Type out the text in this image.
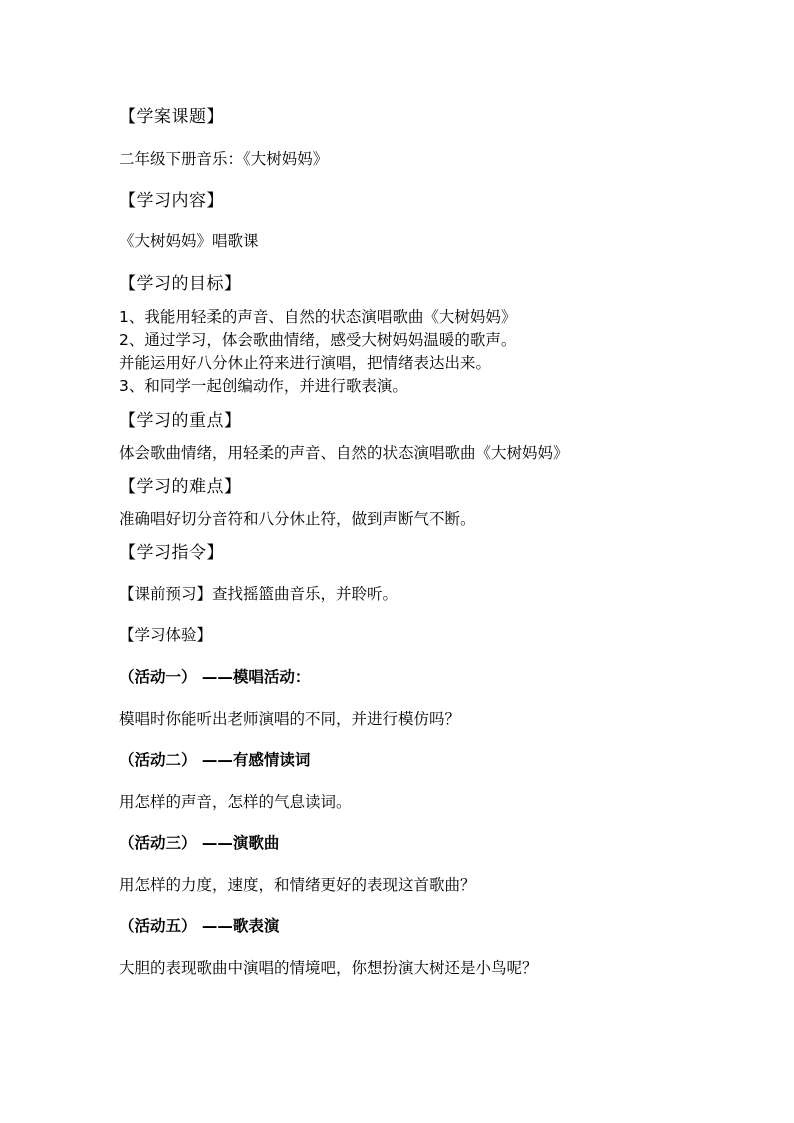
【学案课题】
二年级下册音乐：《大树妈妈》
【学习内容】
《大树妈妈》唱歌课
【学习的目标】
1、我能用轻柔的声音、自然的状态演唱歌曲《大树妈妈》
2、通过学习，体会歌曲情绪，感受大树妈妈温暖的歌声。
并能运用好八分休止符来进行演唱，把情绪表达出来。
3、和同学一起创编动作，并进行歌表演。
【学习的重点】
体会歌曲情绪，用轻柔的声音、自然的状态演唱歌曲《大树妈妈》
【学习的难点】
准确唱好切分音符和八分休止符，做到声断气不断。
【学习指令】
【课前预习】查找摇篮曲音乐，并聆听。
【学习体验】
（活动一） ——模唱活动：
模唱时你能听出老师演唱的不同，并进行模仿吗？
（活动二） ——有感情读词
用怎样的声音，怎样的气息读词。
（活动三） ——演歌曲
用怎样的力度，速度，和情绪更好的表现这首歌曲？
（活动五） ——歌表演
大胆的表现歌曲中演唱的情境吧，你想扮演大树还是小鸟呢？
